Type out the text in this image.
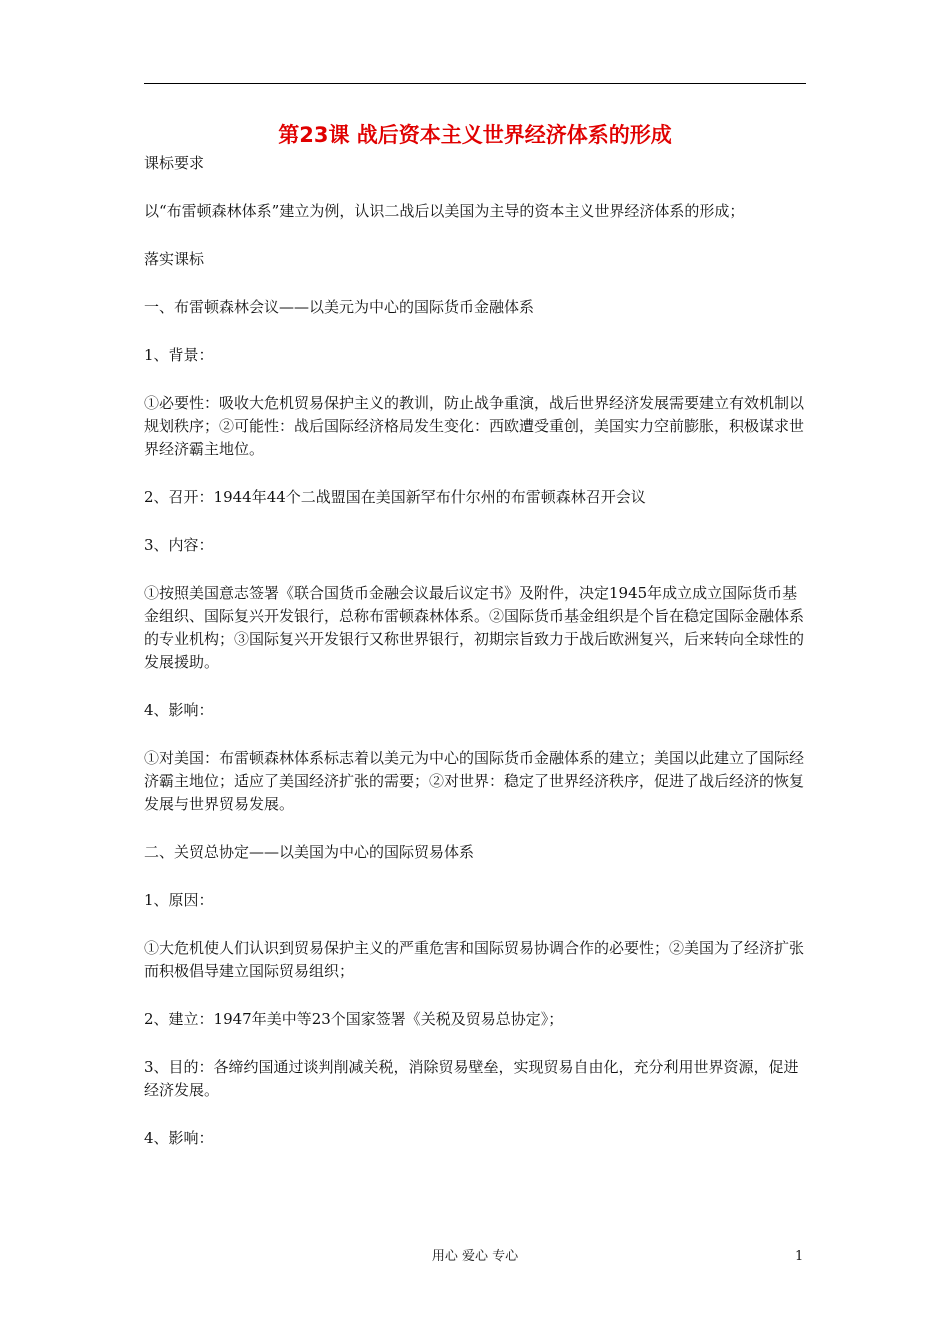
第23课 战后资本主义世界经济体系的形成

课标要求

以“布雷顿森林体系”建立为例，认识二战后以美国为主导的资本主义世界经济体系的形成；

落实课标

一、布雷顿森林会议——以美元为中心的国际货币金融体系

1、背景：

①必要性：吸收大危机贸易保护主义的教训，防止战争重演，战后世界经济发展需要建立有效机制以规划秩序；②可能性：战后国际经济格局发生变化：西欧遭受重创，美国实力空前膨胀，积极谋求世界经济霸主地位。

2、召开：1944年44个二战盟国在美国新罕布什尔州的布雷顿森林召开会议

3、内容：

①按照美国意志签署《联合国货币金融会议最后议定书》及附件，决定1945年成立成立国际货币基金组织、国际复兴开发银行，总称布雷顿森林体系。②国际货币基金组织是个旨在稳定国际金融体系的专业机构；③国际复兴开发银行又称世界银行，初期宗旨致力于战后欧洲复兴，后来转向全球性的发展援助。

4、影响：

①对美国：布雷顿森林体系标志着以美元为中心的国际货币金融体系的建立；美国以此建立了国际经济霸主地位；适应了美国经济扩张的需要；②对世界：稳定了世界经济秩序，促进了战后经济的恢复发展与世界贸易发展。

二、关贸总协定——以美国为中心的国际贸易体系

1、原因：

①大危机使人们认识到贸易保护主义的严重危害和国际贸易协调合作的必要性；②美国为了经济扩张而积极倡导建立国际贸易组织；

2、建立：1947年美中等23个国家签署《关税及贸易总协定》；

3、目的：各缔约国通过谈判削减关税，消除贸易壁垒，实现贸易自由化，充分利用世界资源，促进经济发展。

4、影响：

用心 爱心 专心	1
